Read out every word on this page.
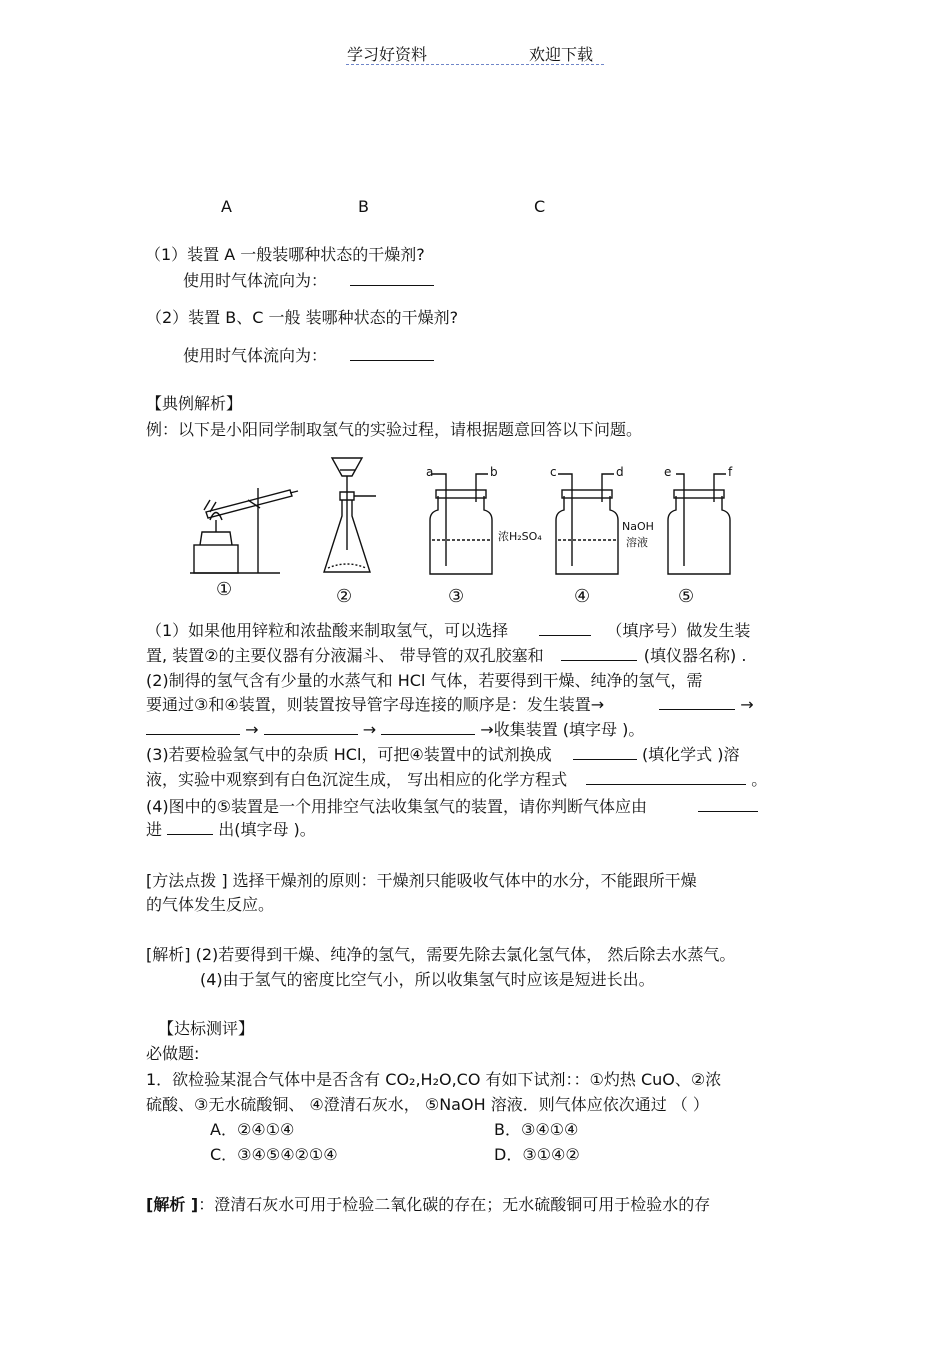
学习好资料	欢迎下载
A	B	C
（1）装置 A 一般装哪种状态的干燥剂?
使用时气体流向为：
（2）装置 B、C 一般 装哪种状态的干燥剂?
使用时气体流向为：
【典例解析】
例：以下是小阳同学制取氢气的实验过程，请根据题意回答以下问题。
a	b	c	d	e	f
浓H₂SO₄
NaOH
溶液
①	②	③	④	⑤
（1）如果他用锌粒和浓盐酸来制取氢气，可以选择	（填序号）做发生装
置, 装置②的主要仪器有分液漏斗、 带导管的双孔胶塞和	(填仪器名称) .
(2)制得的氢气含有少量的水蒸气和 HCl 气体，若要得到干燥、纯净的氢气，需
要通过③和④装置，则装置按导管字母连接的顺序是：发生装置→	→
→	→	→收集装置 (填字母 )。
(3)若要检验氢气中的杂质 HCl，可把④装置中的试剂换成	(填化学式 )溶
液，实验中观察到有白色沉淀生成， 写出相应的化学方程式	。
(4)图中的⑤装置是一个用排空气法收集氢气的装置，请你判断气体应由
进	出(填字母 )。
[方法点拨 ] 选择干燥剂的原则：干燥剂只能吸收气体中的水分，不能跟所干燥
的气体发生反应。
[解析] (2)若要得到干燥、纯净的氢气，需要先除去氯化氢气体， 然后除去水蒸气。
(4)由于氢气的密度比空气小，所以收集氢气时应该是短进长出。
【达标测评】
必做题:
1．欲检验某混合气体中是否含有 CO₂,H₂O,CO 有如下试剂：：①灼热 CuO、②浓
硫酸、③无水硫酸铜、 ④澄清石灰水， ⑤NaOH 溶液．则气体应依次通过 （ ）
A．②④①④	B．③④①④
C．③④⑤④②①④	D．③①④②
[解析 ]：澄清石灰水可用于检验二氧化碳的存在；无水硫酸铜可用于检验水的存
